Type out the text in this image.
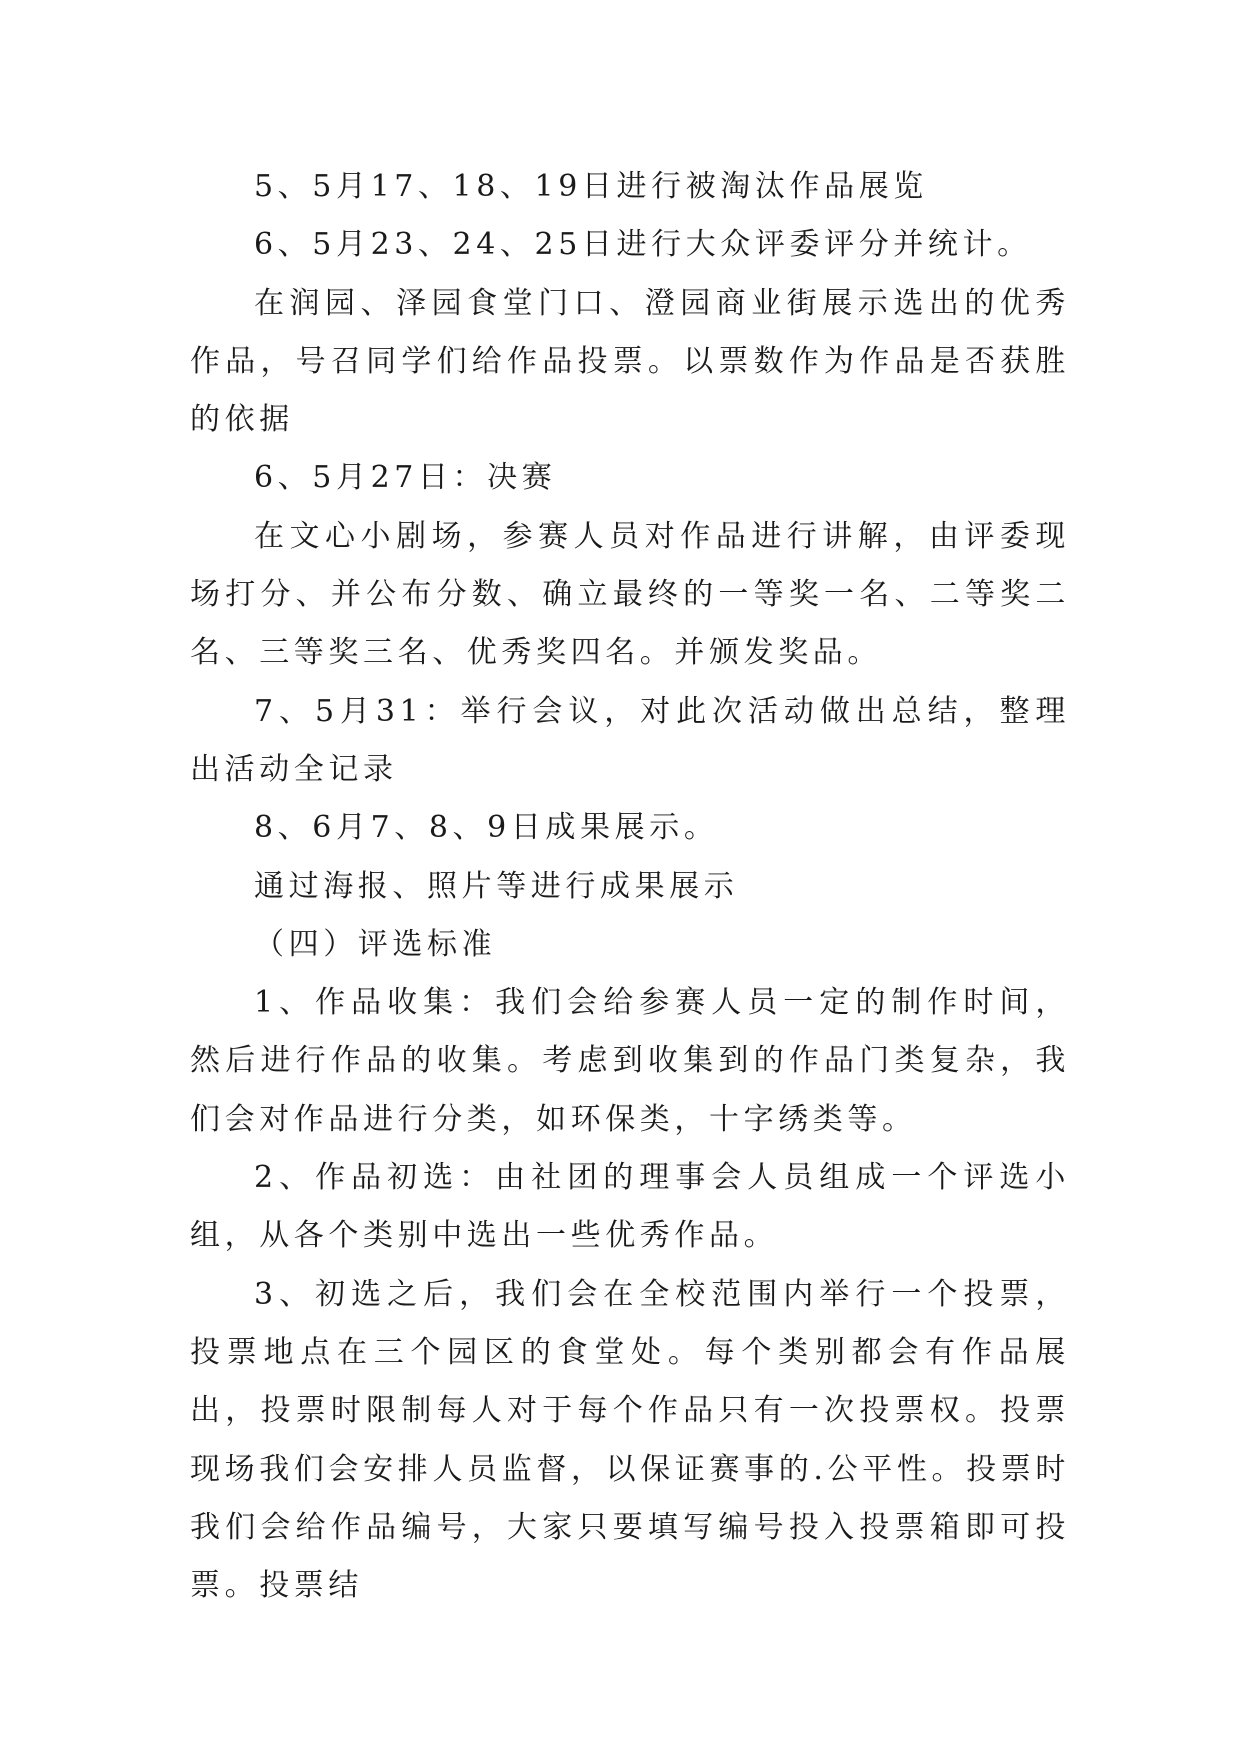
5、5月17、18、19日进行被淘汰作品展览

6、5月23、24、25日进行大众评委评分并统计。

在润园、泽园食堂门口、澄园商业街展示选出的优秀作品，号召同学们给作品投票。以票数作为作品是否获胜的依据

6、5月27日：决赛

在文心小剧场，参赛人员对作品进行讲解，由评委现场打分、并公布分数、确立最终的一等奖一名、二等奖二名、三等奖三名、优秀奖四名。并颁发奖品。

7、5月31：举行会议，对此次活动做出总结，整理出活动全记录

8、6月7、8、9日成果展示。

通过海报、照片等进行成果展示

（四）评选标准

1、作品收集：我们会给参赛人员一定的制作时间，然后进行作品的收集。考虑到收集到的作品门类复杂，我们会对作品进行分类，如环保类，十字绣类等。

2、作品初选：由社团的理事会人员组成一个评选小组，从各个类别中选出一些优秀作品。

3、初选之后，我们会在全校范围内举行一个投票，投票地点在三个园区的食堂处。每个类别都会有作品展出，投票时限制每人对于每个作品只有一次投票权。投票现场我们会安排人员监督，以保证赛事的.公平性。投票时我们会给作品编号，大家只要填写编号投入投票箱即可投票。投票结
